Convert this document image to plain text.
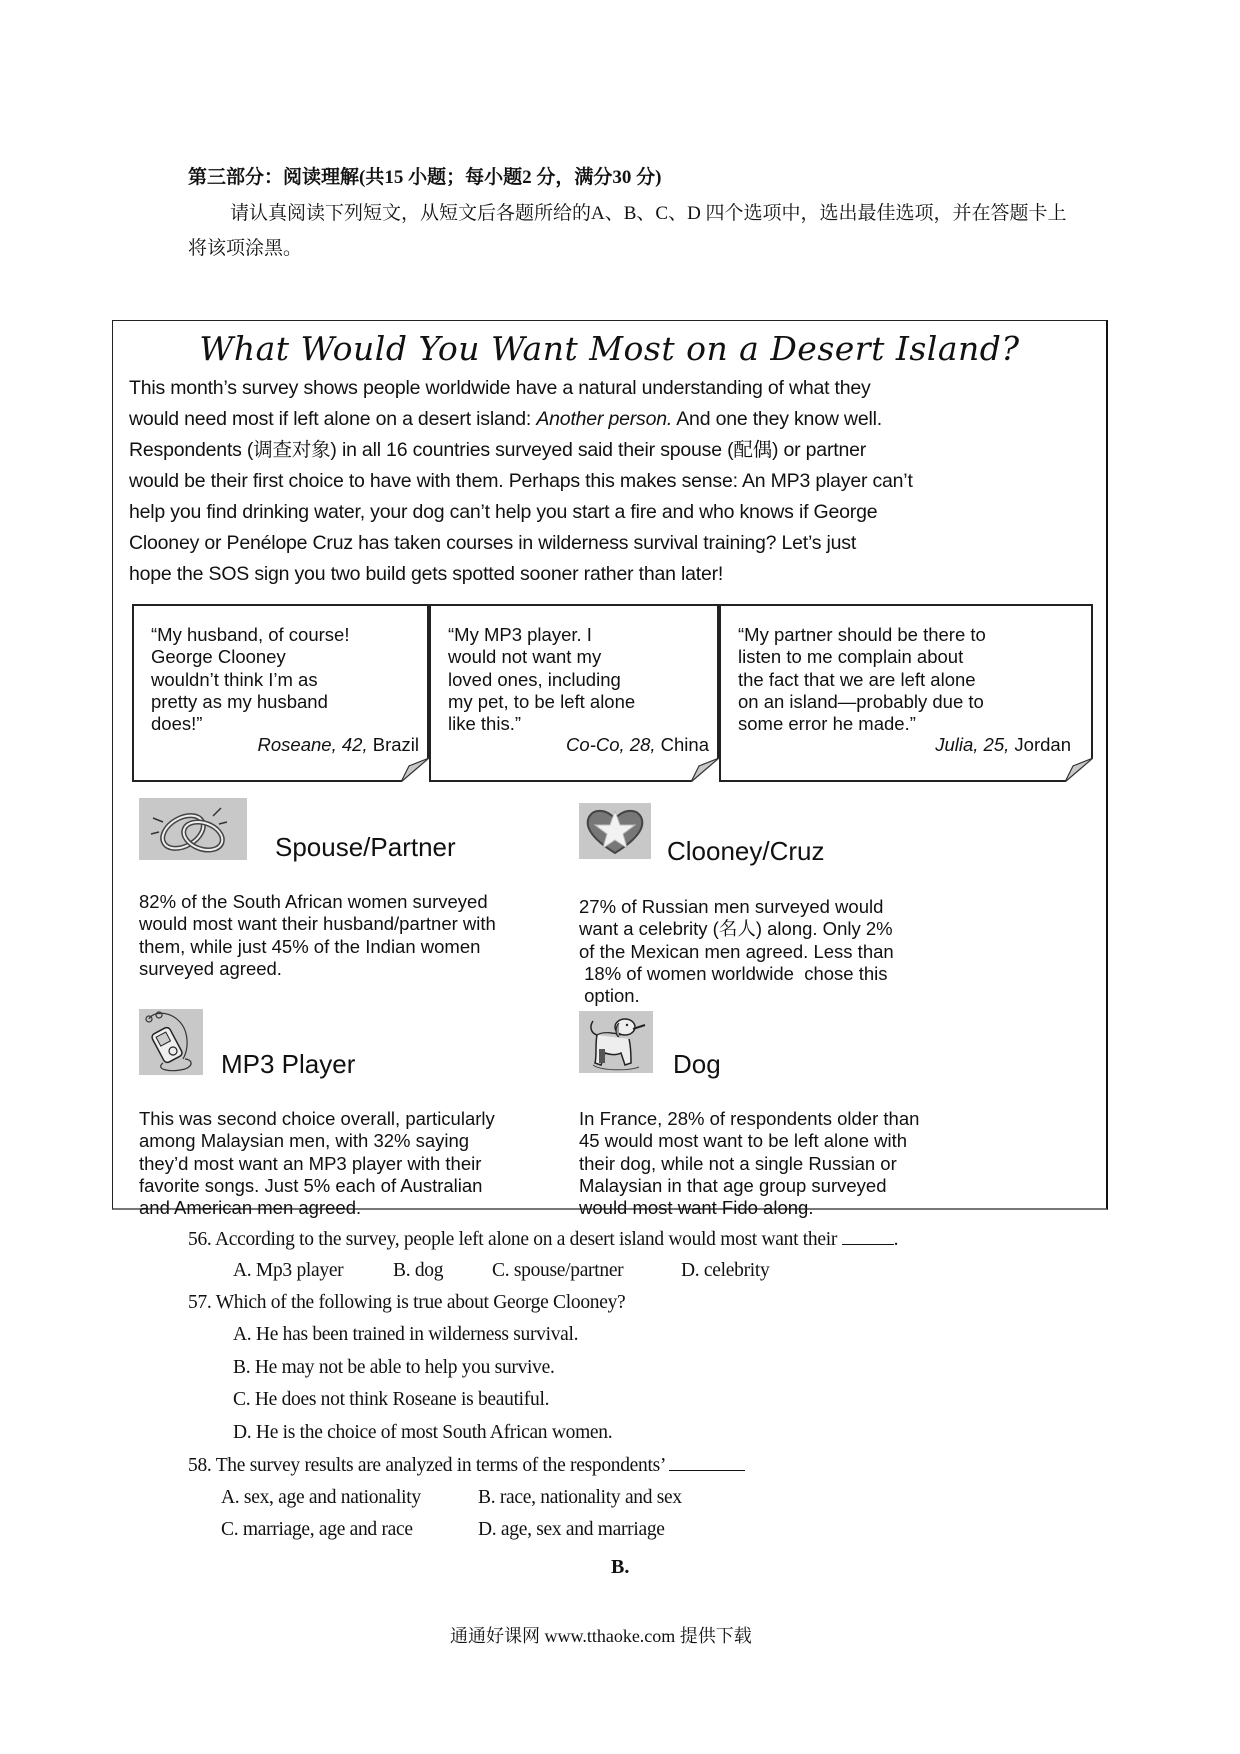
第三部分：阅读理解(共15 小题；每小题2 分，满分30 分)
请认真阅读下列短文，从短文后各题所给的A、B、C、D 四个选项中，选出最佳选项，并在答题卡上将该项涂黑。
What Would You Want Most on a Desert Island?
This month’s survey shows people worldwide have a natural understanding of what they
would need most if left alone on a desert island: Another person. And one they know well.
Respondents (调查对象) in all 16 countries surveyed said their spouse (配偶) or partner
would be their first choice to have with them. Perhaps this makes sense: An MP3 player can’t
help you find drinking water, your dog can’t help you start a fire and who knows if George
Clooney or Penélope Cruz has taken courses in wilderness survival training? Let’s just
hope the SOS sign you two build gets spotted sooner rather than later!
“My husband, of course!
George Clooney
wouldn’t think I’m as
pretty as my husband
does!”
Roseane, 42, Brazil
“My MP3 player. I
would not want my
loved ones, including
my pet, to be left alone
like this.”
Co-Co, 28, China
“My partner should be there to
listen to me complain about
the fact that we are left alone
on an island—probably due to
some error he made.”
Julia, 25, Jordan
Spouse/Partner
82% of the South African women surveyed
would most want their husband/partner with
them, while just 45% of the Indian women
surveyed agreed.
Clooney/Cruz
27% of Russian men surveyed would
want a celebrity (名人) along. Only 2%
of the Mexican men agreed. Less than
18% of women worldwide  chose this
option.
MP3 Player
This was second choice overall, particularly
among Malaysian men, with 32% saying
they’d most want an MP3 player with their
favorite songs. Just 5% each of Australian
and American men agreed.
Dog
In France, 28% of respondents older than
45 would most want to be left alone with
their dog, while not a single Russian or
Malaysian in that age group surveyed
would most want Fido along.
56. According to the survey, people left alone on a desert island would most want their	.
A. Mp3 player	B. dog	C. spouse/partner	D. celebrity
57. Which of the following is true about George Clooney?
A. He has been trained in wilderness survival.
B. He may not be able to help you survive.
C. He does not think Roseane is beautiful.
D. He is the choice of most South African women.
58. The survey results are analyzed in terms of the respondents’
A. sex, age and nationality	B. race, nationality and sex
C. marriage, age and race	D. age, sex and marriage
B.
通通好课网 www.tthaoke.com 提供下载
